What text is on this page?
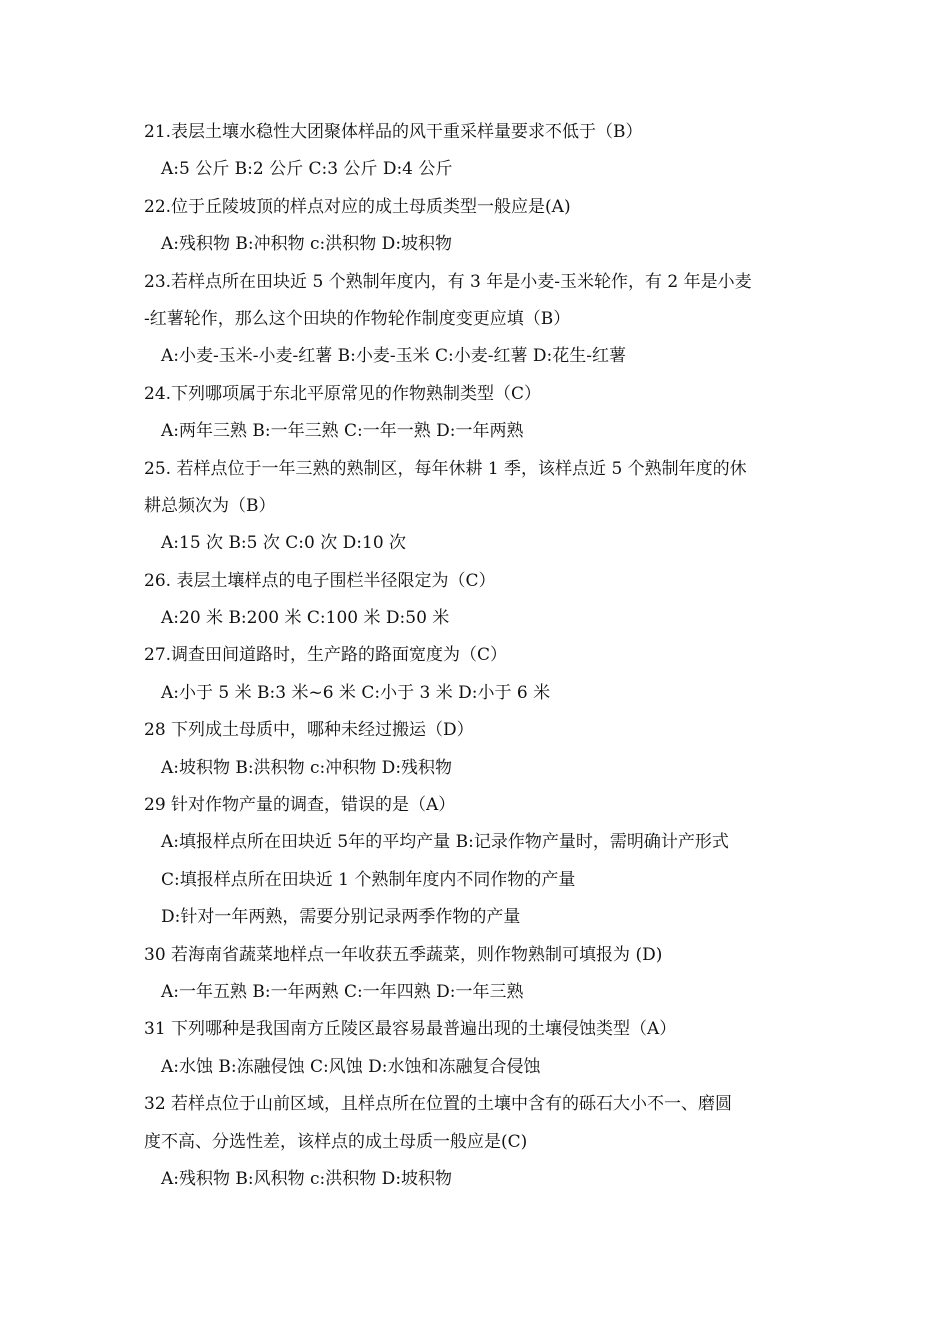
21.表层土壤水稳性大团聚体样品的风干重采样量要求不低于（B）
A:5 公斤 B:2 公斤 C:3 公斤 D:4 公斤
22.位于丘陵坡顶的样点对应的成土母质类型一般应是(A)
A:残积物 B:冲积物 c:洪积物 D:坡积物
23.若样点所在田块近 5 个熟制年度内，有 3 年是小麦-玉米轮作，有 2 年是小麦
-红薯轮作，那么这个田块的作物轮作制度变更应填（B）
A:小麦-玉米-小麦-红薯 B:小麦-玉米 C:小麦-红薯 D:花生-红薯
24.下列哪项属于东北平原常见的作物熟制类型（C）
A:两年三熟 B:一年三熟 C:一年一熟 D:一年两熟
25. 若样点位于一年三熟的熟制区，每年休耕 1 季，该样点近 5 个熟制年度的休
耕总频次为（B）
A:15 次 B:5 次 C:0 次 D:10 次
26. 表层土壤样点的电子围栏半径限定为（C）
A:20 米 B:200 米 C:100 米 D:50 米
27.调查田间道路时，生产路的路面宽度为（C）
A:小于 5 米 B:3 米~6 米 C:小于 3 米 D:小于 6 米
28 下列成土母质中，哪种未经过搬运（D）
A:坡积物 B:洪积物 c:冲积物 D:残积物
29 针对作物产量的调查，错误的是（A）
A:填报样点所在田块近 5年的平均产量 B:记录作物产量时，需明确计产形式
C:填报样点所在田块近 1 个熟制年度内不同作物的产量
D:针对一年两熟，需要分别记录两季作物的产量
30 若海南省蔬菜地样点一年收获五季蔬菜，则作物熟制可填报为 (D)
A:一年五熟 B:一年两熟 C:一年四熟 D:一年三熟
31 下列哪种是我国南方丘陵区最容易最普遍出现的土壤侵蚀类型（A）
A:水蚀 B:冻融侵蚀 C:风蚀 D:水蚀和冻融复合侵蚀
32 若样点位于山前区域，且样点所在位置的土壤中含有的砾石大小不一、磨圆
度不高、分选性差，该样点的成土母质一般应是(C)
A:残积物 B:风积物 c:洪积物 D:坡积物
